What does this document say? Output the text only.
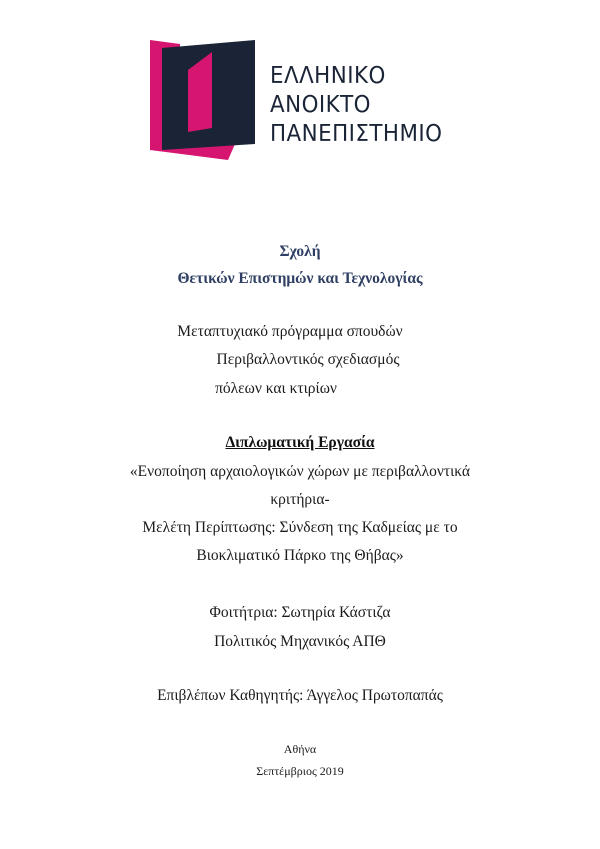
ΕΛΛΗΝΙΚΟ
ΑΝΟΙΚΤΟ
ΠΑΝΕΠΙΣΤΗΜΙΟ
Σχολή
Θετικών Επιστημών και Τεχνολογίας
Μεταπτυχιακό πρόγραμμα σπουδών
Περιβαλλοντικός σχεδιασμός
πόλεων και κτιρίων
Διπλωματική Εργασία
«Ενοποίηση αρχαιολογικών χώρων με περιβαλλοντικά
κριτήρια-
Μελέτη Περίπτωσης: Σύνδεση της Καδμείας με το
Βιοκλιματικό Πάρκο της Θήβας»
Φοιτήτρια: Σωτηρία Κάστιζα
Πολιτικός Μηχανικός ΑΠΘ
Επιβλέπων Καθηγητής: Άγγελος Πρωτοπαπάς
Αθήνα
Σεπτέμβριος 2019
